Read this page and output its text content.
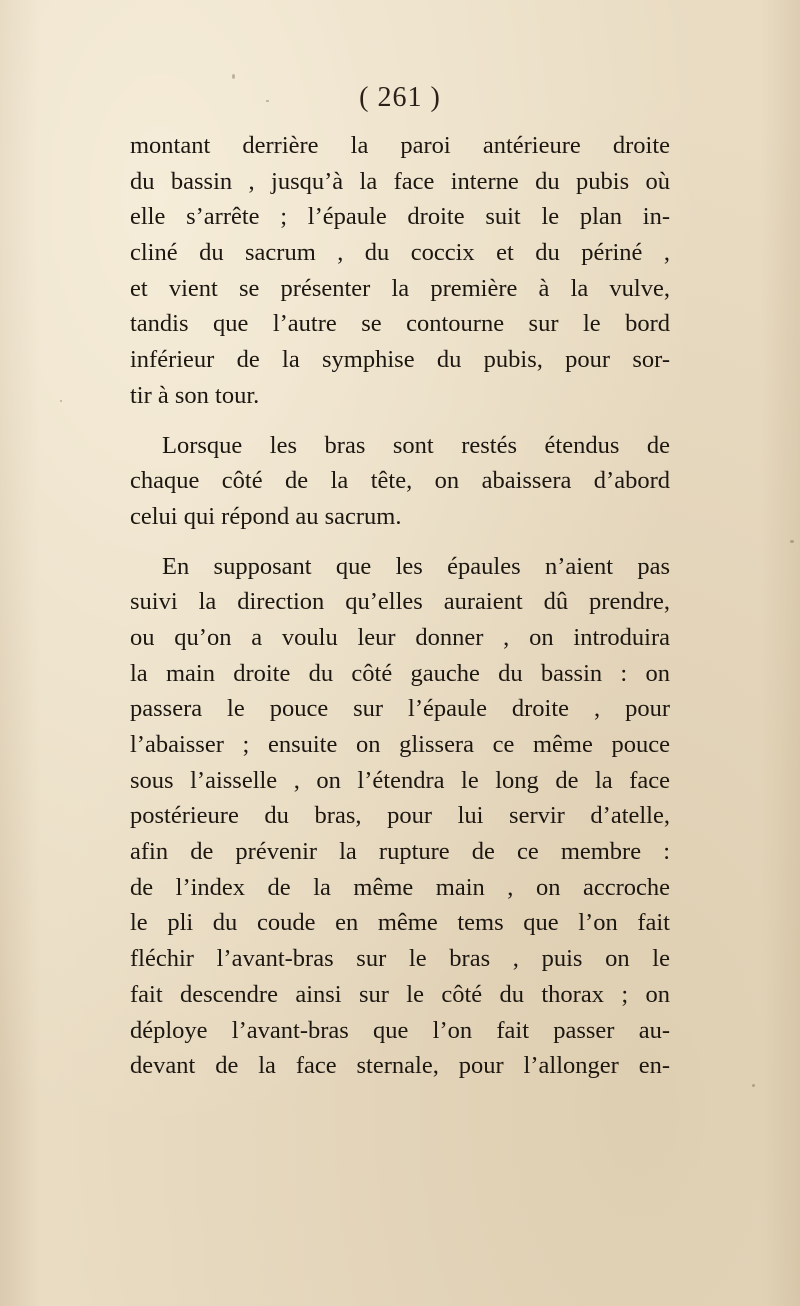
( 261 )
montant derrière la paroi antérieure droite
du bassin , jusqu’à la face interne du pubis où
elle s’arrête ; l’épaule droite suit le plan in-
cliné du sacrum , du coccix et du périné ,
et vient se présenter la première à la vulve,
tandis que l’autre se contourne sur le bord
inférieur de la symphise du pubis, pour sor-
tir à son tour.
Lorsque les bras sont restés étendus de
chaque côté de la tête, on abaissera d’abord
celui qui répond au sacrum.
En supposant que les épaules n’aient pas
suivi la direction qu’elles auraient dû prendre,
ou qu’on a voulu leur donner , on introduira
la main droite du côté gauche du bassin : on
passera le pouce sur l’épaule droite , pour
l’abaisser ; ensuite on glissera ce même pouce
sous l’aisselle , on l’étendra le long de la face
postérieure du bras, pour lui servir d’atelle,
afin de prévenir la rupture de ce membre :
de l’index de la même main , on accroche
le pli du coude en même tems que l’on fait
fléchir l’avant-bras sur le bras , puis on le
fait descendre ainsi sur le côté du thorax ; on
déploye l’avant-bras que l’on fait passer au-
devant de la face sternale, pour l’allonger en-
